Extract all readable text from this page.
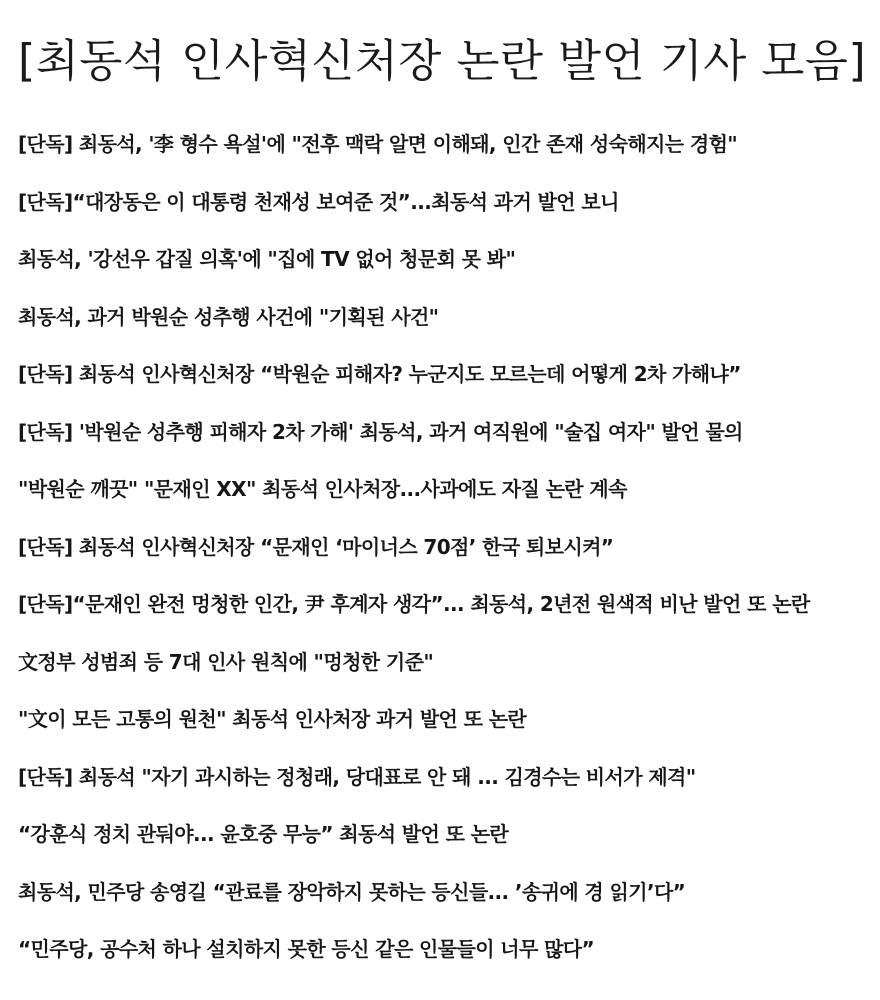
[최동석 인사혁신처장 논란 발언 기사 모음]
[단독] 최동석, '李 형수 욕설'에 "전후 맥락 알면 이해돼, 인간 존재 성숙해지는 경험"
[단독]“대장동은 이 대통령 천재성 보여준 것”...최동석 과거 발언 보니
최동석, '강선우 갑질 의혹'에 "집에 TV 없어 청문회 못 봐"
최동석, 과거 박원순 성추행 사건에 "기획된 사건"
[단독] 최동석 인사혁신처장 “박원순 피해자? 누군지도 모르는데 어떻게 2차 가해냐”
[단독] '박원순 성추행 피해자 2차 가해' 최동석, 과거 여직원에 "술집 여자" 발언 물의
"박원순 깨끗" "문재인 XX" 최동석 인사처장...사과에도 자질 논란 계속
[단독] 최동석 인사혁신처장 “문재인 ‘마이너스 70점’ 한국 퇴보시켜”
[단독]“문재인 완전 멍청한 인간, 尹 후계자 생각”... 최동석, 2년전 원색적 비난 발언 또 논란
文정부 성범죄 등 7대 인사 원칙에 "멍청한 기준"
"文이 모든 고통의 원천" 최동석 인사처장 과거 발언 또 논란
[단독] 최동석 "자기 과시하는 정청래, 당대표로 안 돼 ... 김경수는 비서가 제격"
“강훈식 정치 관둬야... 윤호중 무능” 최동석 발언 또 논란
최동석, 민주당 송영길 “관료를 장악하지 못하는 등신들... ’송귀에 경 읽기’다”
“민주당, 공수처 하나 설치하지 못한 등신 같은 인물들이 너무 많다”
